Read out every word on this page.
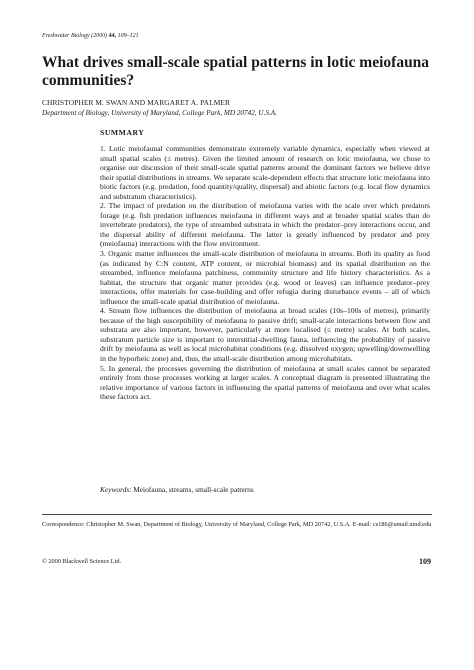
Freshwater Biology (2000) 44, 109–121
What drives small-scale spatial patterns in lotic meiofauna communities?
CHRISTOPHER M. SWAN AND MARGARET A. PALMER
Department of Biology, University of Maryland, College Park, MD 20742, U.S.A.
SUMMARY
1. Lotic meiofaunal communities demonstrate extremely variable dynamics, especially when viewed at small spatial scales (≤ metres). Given the limited amount of research on lotic meiofauna, we chose to organise our discussion of their small-scale spatial patterns around the dominant factors we believe drive their spatial distributions in streams. We separate scale-dependent effects that structure lotic meiofauna into biotic factors (e.g. predation, food quantity/quality, dispersal) and abiotic factors (e.g. local flow dynamics and substratum characteristics).
2. The impact of predation on the distribution of meiofauna varies with the scale over which predators forage (e.g. fish predation influences meiofauna in different ways and at broader spatial scales than do invertebrate predators), the type of streambed substrata in which the predator–prey interactions occur, and the dispersal ability of different meiofauna. The latter is greatly influenced by predator and prey (meiofauna) interactions with the flow environment.
3. Organic matter influences the small-scale distribution of meiofauna in streams. Both its quality as food (as indicated by C:N content, ATP content, or microbial biomass) and its spatial distribution on the streambed, influence meiofauna patchiness, community structure and life history characteristics. As a habitat, the structure that organic matter provides (e.g. wood or leaves) can influence predator–prey interactions, offer materials for case-building and offer refugia during disturbance events – all of which influence the small-scale spatial distribution of meiofauna.
4. Stream flow influences the distribution of meiofauna at broad scales (10s–100s of metres), primarily because of the high susceptibility of meiofauna to passive drift; small-scale interactions between flow and substrata are also important, however, particularly at more localised (≤ metre) scales. At both scales, substratum particle size is important to interstitial-dwelling fauna, influencing the probability of passive drift by meiofauna as well as local microhabitat conditions (e.g. dissolved oxygen; upwelling/downwelling in the hyporheic zone) and, thus, the small-scale distribution among microhabitats.
5. In general, the processes governing the distribution of meiofauna at small scales cannot be separated entirely from those processes working at larger scales. A conceptual diagram is presented illustrating the relative importance of various factors in influencing the spatial patterns of meiofauna and over what scales these factors act.
Keywords: Meiofauna, streams, small-scale patterns
Correspondence: Christopher M. Swan, Department of Biology, University of Maryland, College Park, MD 20742, U.S.A. E-mail: cs186@umail.umd.edu
© 2000 Blackwell Science Ltd.	109
